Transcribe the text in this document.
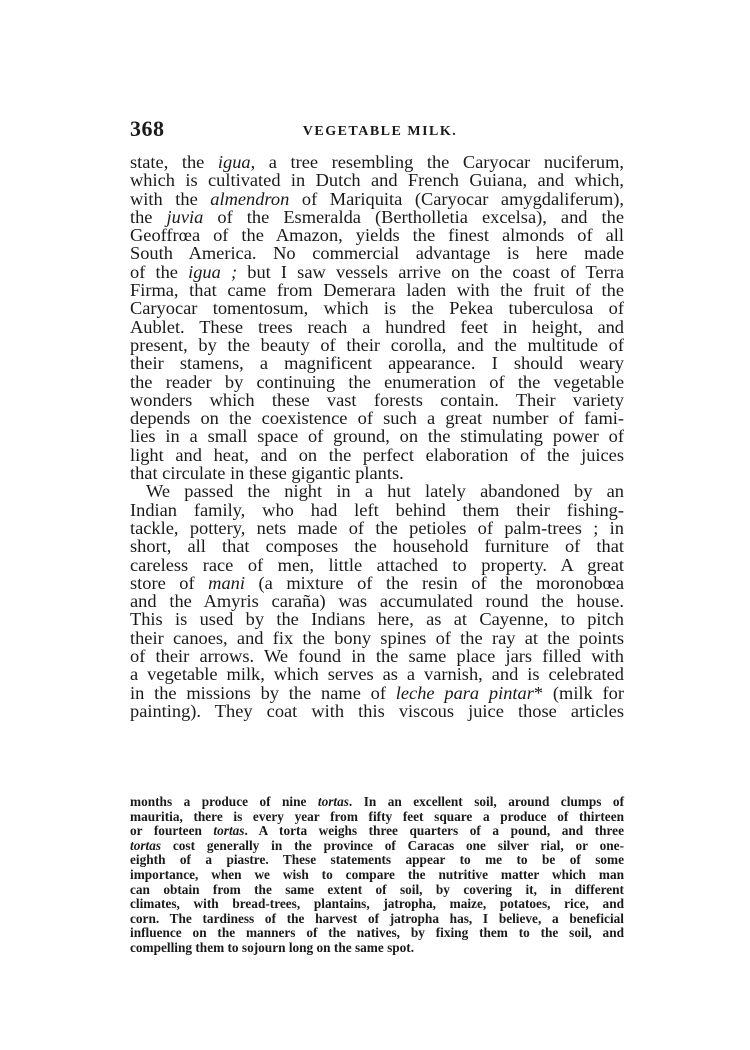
368	VEGETABLE MILK.
state, the igua, a tree resembling the Caryocar nuciferum,
which is cultivated in Dutch and French Guiana, and which,
with the almendron of Mariquita (Caryocar amygdaliferum),
the juvia of the Esmeralda (Bertholletia excelsa), and the
Geoffrœa of the Amazon, yields the finest almonds of all
South America. No commercial advantage is here made
of the igua ; but I saw vessels arrive on the coast of Terra
Firma, that came from Demerara laden with the fruit of the
Caryocar tomentosum, which is the Pekea tuberculosa of
Aublet. These trees reach a hundred feet in height, and
present, by the beauty of their corolla, and the multitude of
their stamens, a magnificent appearance. I should weary
the reader by continuing the enumeration of the vegetable
wonders which these vast forests contain. Their variety
depends on the coexistence of such a great number of fami-
lies in a small space of ground, on the stimulating power of
light and heat, and on the perfect elaboration of the juices
that circulate in these gigantic plants.
We passed the night in a hut lately abandoned by an
Indian family, who had left behind them their fishing-
tackle, pottery, nets made of the petioles of palm-trees ; in
short, all that composes the household furniture of that
careless race of men, little attached to property. A great
store of mani (a mixture of the resin of the moronobœa
and the Amyris caraña) was accumulated round the house.
This is used by the Indians here, as at Cayenne, to pitch
their canoes, and fix the bony spines of the ray at the points
of their arrows. We found in the same place jars filled with
a vegetable milk, which serves as a varnish, and is celebrated
in the missions by the name of leche para pintar* (milk for
painting). They coat with this viscous juice those articles
months a produce of nine tortas. In an excellent soil, around clumps of
mauritia, there is every year from fifty feet square a produce of thirteen
or fourteen tortas. A torta weighs three quarters of a pound, and three
tortas cost generally in the province of Caracas one silver rial, or one-
eighth of a piastre. These statements appear to me to be of some
importance, when we wish to compare the nutritive matter which man
can obtain from the same extent of soil, by covering it, in different
climates, with bread-trees, plantains, jatropha, maize, potatoes, rice, and
corn. The tardiness of the harvest of jatropha has, I believe, a beneficial
influence on the manners of the natives, by fixing them to the soil, and
compelling them to sojourn long on the same spot.
